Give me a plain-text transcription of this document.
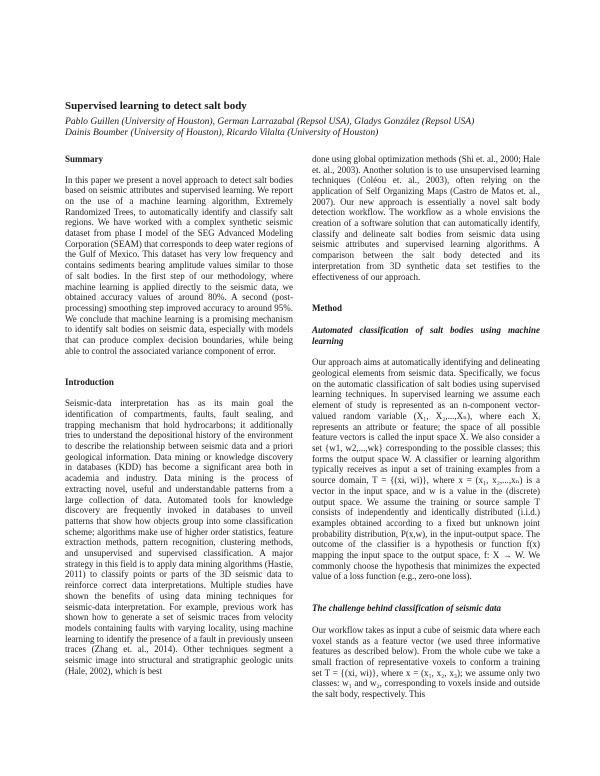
Supervised learning to detect salt body

Pablo Guillen (University of Houston), German Larrazabal (Repsol USA), Gladys González (Repsol USA)

Dainis Boumber (University of Houston), Ricardo Vilalta (University of Houston)

Summary

In this paper we present a novel approach to detect salt bodies based on seismic attributes and supervised learning. We report on the use of a machine learning algorithm, Extremely Randomized Trees, to automatically identify and classify salt regions. We have worked with a complex synthetic seismic dataset from phase I model of the SEG Advanced Modeling Corporation (SEAM) that corresponds to deep water regions of the Gulf of Mexico. This dataset has very low frequency and contains sediments bearing amplitude values similar to those of salt bodies. In the first step of our methodology, where machine learning is applied directly to the seismic data, we obtained accuracy values of around 80%. A second (post-processing) smoothing step improved accuracy to around 95%. We conclude that machine learning is a promising mechanism to identify salt bodies on seismic data, especially with models that can produce complex decision boundaries, while being able to control the associated variance component of error.

Introduction

Seismic-data interpretation has as its main goal the identification of compartments, faults, fault sealing, and trapping mechanism that hold hydrocarbons; it additionally tries to understand the depositional history of the environment to describe the relationship between seismic data and a priori geological information. Data mining or knowledge discovery in databases (KDD) has become a significant area both in academia and industry. Data mining is the process of extracting novel, useful and understandable patterns from a large collection of data. Automated tools for knowledge discovery are frequently invoked in databases to unveil patterns that show how objects group into some classification scheme; algorithms make use of higher order statistics, feature extraction methods, pattern recognition, clustering methods, and unsupervised and supervised classification. A major strategy in this field is to apply data mining algorithms (Hastie, 2011) to classify points or parts of the 3D seismic data to reinforce correct data interpretations. Multiple studies have shown the benefits of using data mining techniques for seismic-data interpretation. For example, previous work has shown how to generate a set of seismic traces from velocity models containing faults with varying locality, using machine learning to identify the presence of a fault in previously unseen traces (Zhang et. al., 2014). Other techniques segment a seismic image into structural and stratigraphic geologic units (Hale, 2002), which is best

done using global optimization methods (Shi et. al., 2000; Hale et. al., 2003). Another solution is to use unsupervised learning techniques (Coléou et. al., 2003), often relying on the application of Self Organizing Maps (Castro de Matos et. al., 2007). Our new approach is essentially a novel salt body detection workflow. The workflow as a whole envisions the creation of a software solution that can automatically identify, classify and delineate salt bodies from seismic data using seismic attributes and supervised learning algorithms. A comparison between the salt body detected and its interpretation from 3D synthetic data set testifies to the effectiveness of our approach.

Method
Automated classification of salt bodies using machine learning

Our approach aims at automatically identifying and delineating geological elements from seismic data. Specifically, we focus on the automatic classification of salt bodies using supervised learning techniques. In supervised learning we assume each element of study is represented as an n-component vector-valued random variable (X₁, X₂,...,Xₙ), where each Xᵢ represents an attribute or feature; the space of all possible feature vectors is called the input space X. We also consider a set {w1, w2,...,wk} corresponding to the possible classes; this forms the output space W. A classifier or learning algorithm typically receives as input a set of training examples from a source domain, T = {(xi, wi)}, where x = (x₁, x₂,...,xₙ) is a vector in the input space, and w is a value in the (discrete) output space. We assume the training or source sample T consists of independently and identically distributed (i.i.d.) examples obtained according to a fixed but unknown joint probability distribution, P(x,w), in the input-output space. The outcome of the classifier is a hypothesis or function f(x) mapping the input space to the output space, f: X → W. We commonly choose the hypothesis that minimizes the expected value of a loss function (e.g., zero-one loss).

The challenge behind classification of seismic data

Our workflow takes as input a cube of seismic data where each voxel stands as a feature vector (we used three informative features as described below). From the whole cube we take a small fraction of representative voxels to conform a training set T = {(xi, wi)}, where x = (x₁, x₂, x₃); we assume only two classes: w₁ and w₂, corresponding to voxels inside and outside the salt body, respectively. This
